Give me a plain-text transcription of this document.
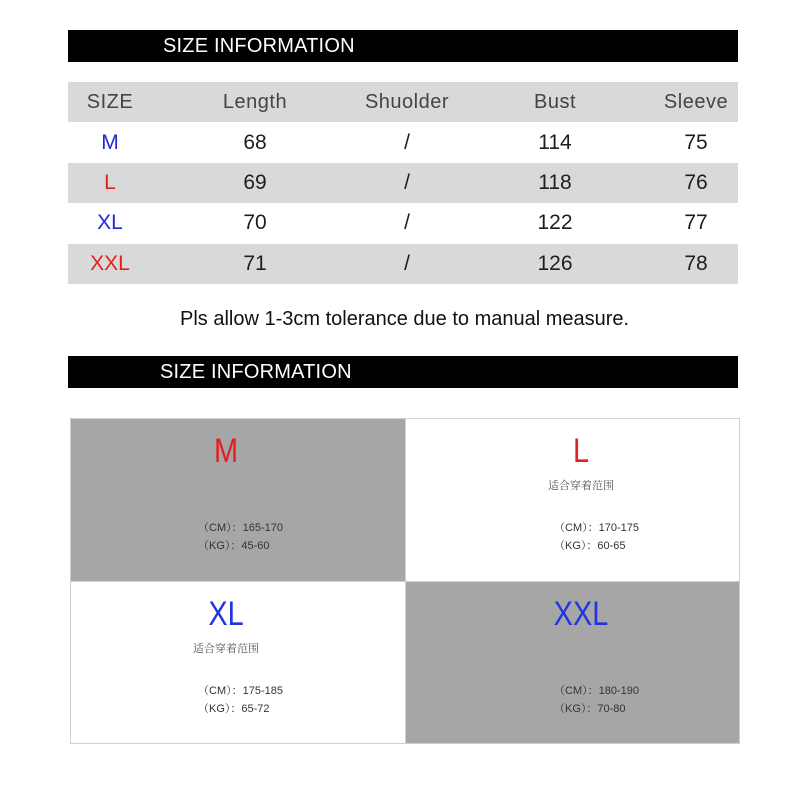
SIZE INFORMATION
SIZE	Length	Shuolder	Bust	Sleeve
M	68	/	114	75
L	69	/	118	76
XL	70	/	122	77
XXL	71	/	126	78
Pls allow 1-3cm tolerance due to manual measure.
SIZE INFORMATION
M
（CM）：165-170
（KG）：45-60
L
适合穿着范围
（CM）：170-175
（KG）：60-65
XL
适合穿着范围
（CM）：175-185
（KG）：65-72
XXL
（CM）：180-190
（KG）：70-80
